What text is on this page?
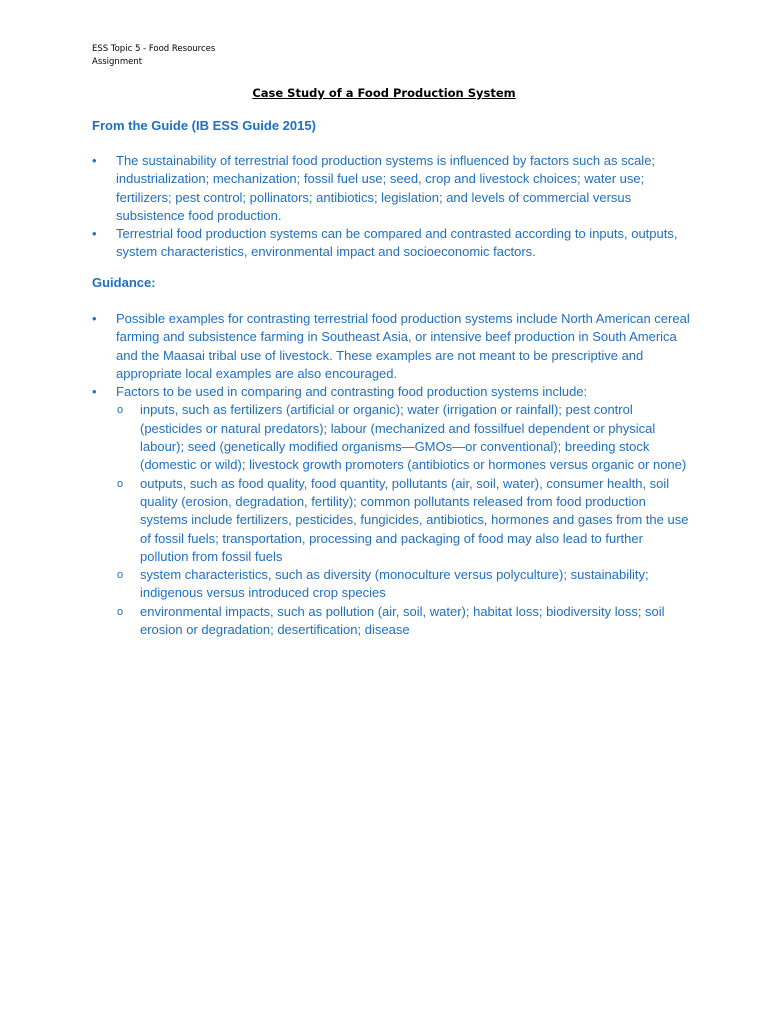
ESS Topic 5 - Food Resources
Assignment
Case Study of a Food Production System
From the Guide (IB ESS Guide 2015)
•	The sustainability of terrestrial food production systems is influenced by factors such as scale; industrialization; mechanization; fossil fuel use; seed, crop and livestock choices; water use; fertilizers; pest control; pollinators; antibiotics; legislation; and levels of commercial versus subsistence food production.
•	Terrestrial food production systems can be compared and contrasted according to inputs, outputs, system characteristics, environmental impact and socioeconomic factors.
Guidance:
•	Possible examples for contrasting terrestrial food production systems include North American cereal farming and subsistence farming in Southeast Asia, or intensive beef production in South America and the Maasai tribal use of livestock. These examples are not meant to be prescriptive and appropriate local examples are also encouraged.
•	Factors to be used in comparing and contrasting food production systems include:
o inputs, such as fertilizers (artificial or organic); water (irrigation or rainfall); pest control (pesticides or natural predators); labour (mechanized and fossilfuel dependent or physical labour); seed (genetically modified organisms—GMOs—or conventional); breeding stock (domestic or wild); livestock growth promoters (antibiotics or hormones versus organic or none)
o outputs, such as food quality, food quantity, pollutants (air, soil, water), consumer health, soil quality (erosion, degradation, fertility); common pollutants released from food production systems include fertilizers, pesticides, fungicides, antibiotics, hormones and gases from the use of fossil fuels; transportation, processing and packaging of food may also lead to further pollution from fossil fuels
o system characteristics, such as diversity (monoculture versus polyculture); sustainability; indigenous versus introduced crop species
o environmental impacts, such as pollution (air, soil, water); habitat loss; biodiversity loss; soil erosion or degradation; desertification; disease
